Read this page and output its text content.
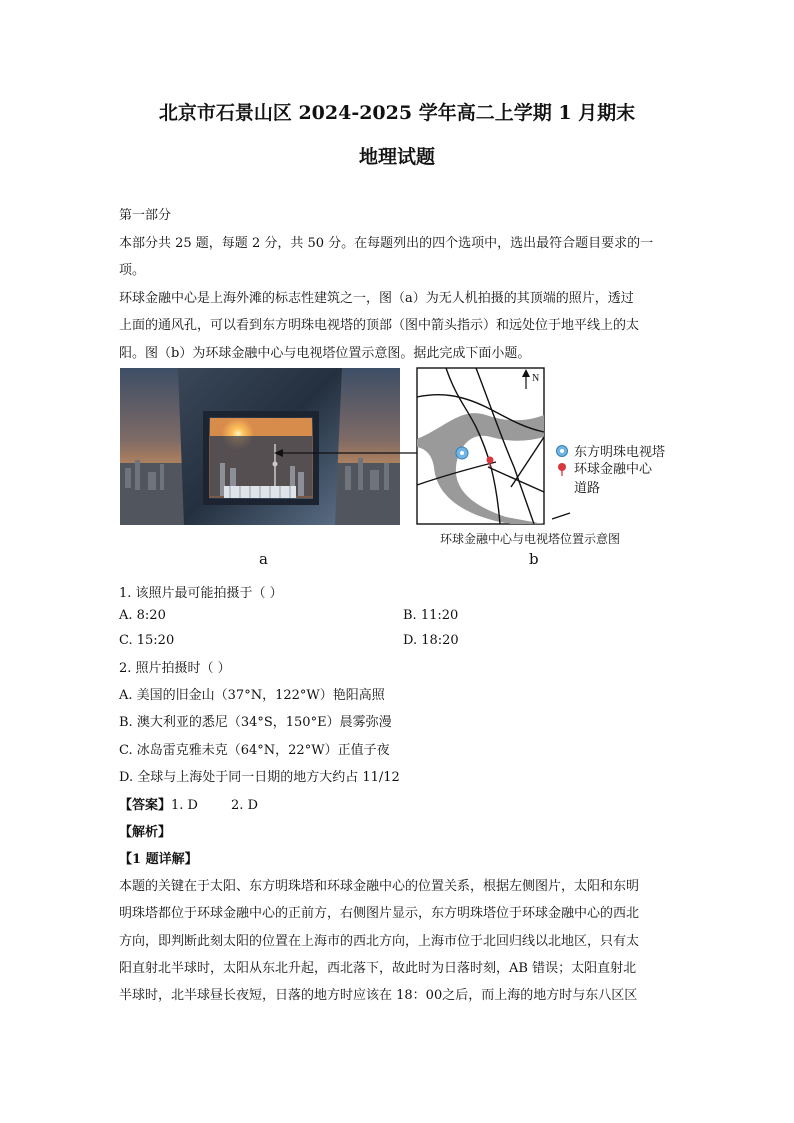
北京市石景山区 2024-2025 学年高二上学期 1 月期末
地理试题
第一部分
本部分共 25 题，每题 2 分，共 50 分。在每题列出的四个选项中，选出最符合题目要求的一
项。
环球金融中心是上海外滩的标志性建筑之一，图（a）为无人机拍摄的其顶端的照片，透过
上面的通风孔，可以看到东方明珠电视塔的顶部（图中箭头指示）和远处位于地平线上的太
阳。图（b）为环球金融中心与电视塔位置示意图。据此完成下面小题。
N
东方明珠电视塔
环球金融中心
道路
环球金融中心与电视塔位置示意图
a	b
1. 该照片最可能拍摄于（ ）
A. 8:20	B. 11:20
C. 15:20	D. 18:20
2. 照片拍摄时（ ）
A. 美国的旧金山（37°N，122°W）艳阳高照
B. 澳大利亚的悉尼（34°S，150°E）晨雾弥漫
C. 冰岛雷克雅未克（64°N，22°W）正值子夜
D. 全球与上海处于同一日期的地方大约占 11/12
【答案】1. D        2. D
【解析】
【1 题详解】
本题的关键在于太阳、东方明珠塔和环球金融中心的位置关系，根据左侧图片，太阳和东明
明珠塔都位于环球金融中心的正前方，右侧图片显示，东方明珠塔位于环球金融中心的西北
方向，即判断此刻太阳的位置在上海市的西北方向，上海市位于北回归线以北地区，只有太
阳直射北半球时，太阳从东北升起，西北落下，故此时为日落时刻，AB 错误；太阳直射北
半球时，北半球昼长夜短，日落的地方时应该在 18：00之后，而上海的地方时与东八区区
